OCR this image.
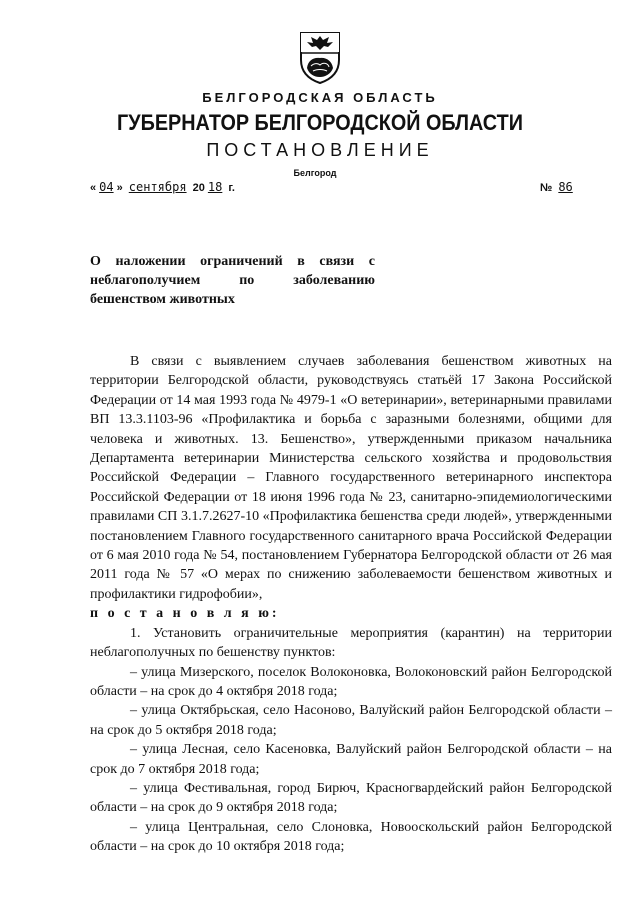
БЕЛГОРОДСКАЯ ОБЛАСТЬ
ГУБЕРНАТОР БЕЛГОРОДСКОЙ ОБЛАСТИ
ПОСТАНОВЛЕНИЕ
Белгород
« 04 » сентября 20 18 г.	№ 86
О наложении ограничений в связи с
неблагополучием по заболеванию
бешенством животных

В связи с выявлением случаев заболевания бешенством животных на территории Белгородской области, руководствуясь статьёй 17 Закона Российской Федерации от 14 мая 1993 года № 4979-1 «О ветеринарии», ветеринарными правилами ВП 13.3.1103-96 «Профилактика и борьба с заразными болезнями, общими для человека и животных. 13. Бешенство», утвержденными приказом начальника Департамента ветеринарии Министерства сельского хозяйства и продовольствия Российской Федерации – Главного государственного ветеринарного инспектора Российской Федерации от 18 июня 1996 года № 23, санитарно-эпидемиологическими правилами СП 3.1.7.2627-10 «Профилактика бешенства среди людей», утвержденными постановлением Главного государственного санитарного врача Российской Федерации от 6 мая 2010 года № 54, постановлением Губернатора Белгородской области от 26 мая 2011 года № 57 «О мерах по снижению заболеваемости бешенством животных и профилактики гидрофобии»,

п о с т а н о в л я ю:

1. Установить ограничительные мероприятия (карантин) на территории неблагополучных по бешенству пунктов:

– улица Мизерского, поселок Волоконовка, Волоконовский район Белгородской области – на срок до 4 октября 2018 года;

– улица Октябрьская, село Насоново, Валуйский район Белгородской области – на срок до 5 октября 2018 года;

– улица Лесная, село Касеновка, Валуйский район Белгородской области – на срок до 7 октября 2018 года;

– улица Фестивальная, город Бирюч, Красногвардейский район Белгородской области – на срок до 9 октября 2018 года;

– улица Центральная, село Слоновка, Новооскольский район Белгородской области – на срок до 10 октября 2018 года;
